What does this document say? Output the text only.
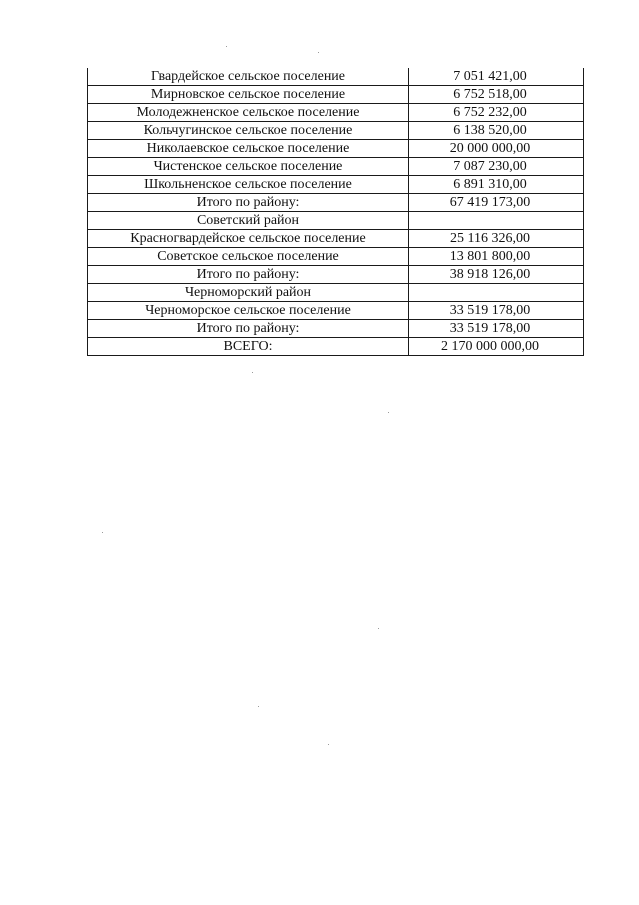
Гвардейское сельское поселение	7 051 421,00
Мирновское сельское поселение	6 752 518,00
Молодежненское сельское поселение	6 752 232,00
Кольчугинское сельское поселение	6 138 520,00
Николаевское сельское поселение	20 000 000,00
Чистенское сельское поселение	7 087 230,00
Школьненское сельское поселение	6 891 310,00
Итого по району:	67 419 173,00
Советский район	
Красногвардейское сельское поселение	25 116 326,00
Советское сельское поселение	13 801 800,00
Итого по району:	38 918 126,00
Черноморский район	
Черноморское сельское поселение	33 519 178,00
Итого по району:	33 519 178,00
ВСЕГО:	2 170 000 000,00
